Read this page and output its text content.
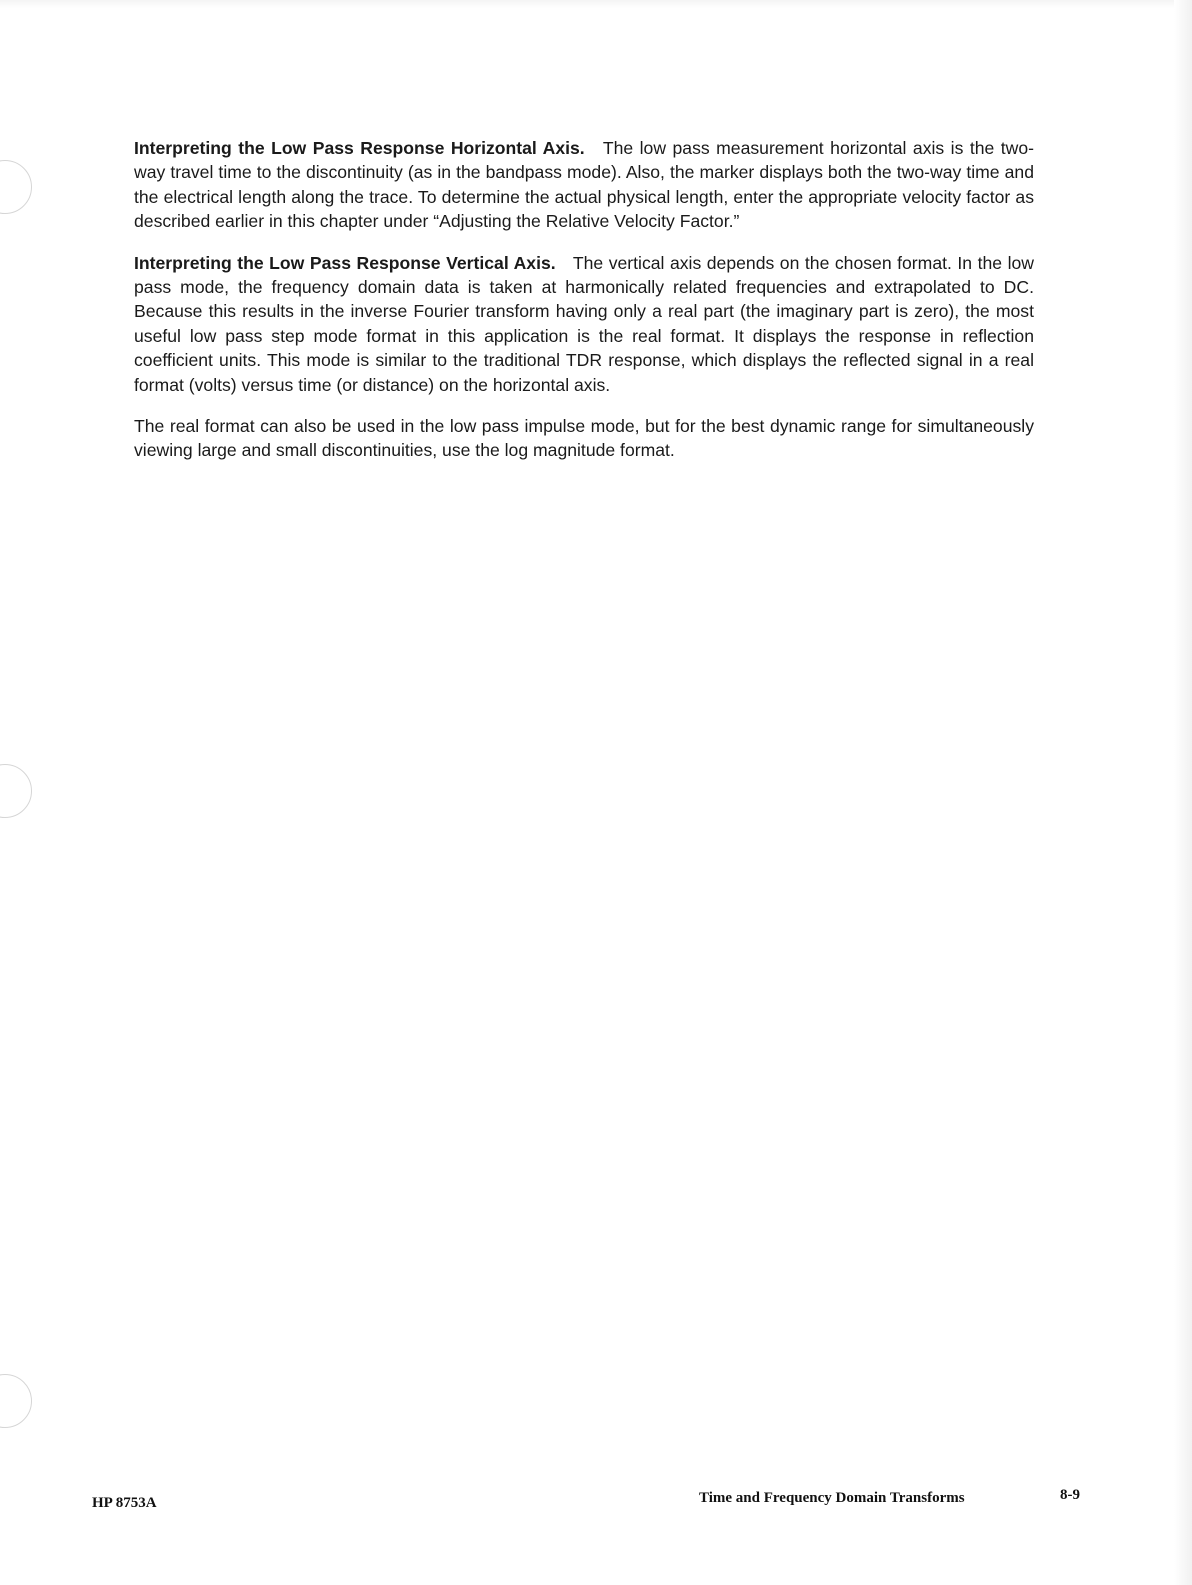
Interpreting the Low Pass Response Horizontal Axis. The low pass measurement horizontal axis is the two-way travel time to the discontinuity (as in the bandpass mode). Also, the marker displays both the two-way time and the electrical length along the trace. To determine the actual physical length, enter the appropriate velocity factor as described earlier in this chapter under “Adjusting the Relative Velocity Factor.”

Interpreting the Low Pass Response Vertical Axis. The vertical axis depends on the chosen format. In the low pass mode, the frequency domain data is taken at harmonically related frequencies and extrapolated to DC. Because this results in the inverse Fourier transform having only a real part (the imaginary part is zero), the most useful low pass step mode format in this application is the real format. It displays the response in reflection coefficient units. This mode is similar to the traditional TDR response, which displays the reflected signal in a real format (volts) versus time (or distance) on the horizontal axis.

The real format can also be used in the low pass impulse mode, but for the best dynamic range for simultaneously viewing large and small discontinuities, use the log magnitude format.

HP 8753A	Time and Frequency Domain Transforms	8-9
